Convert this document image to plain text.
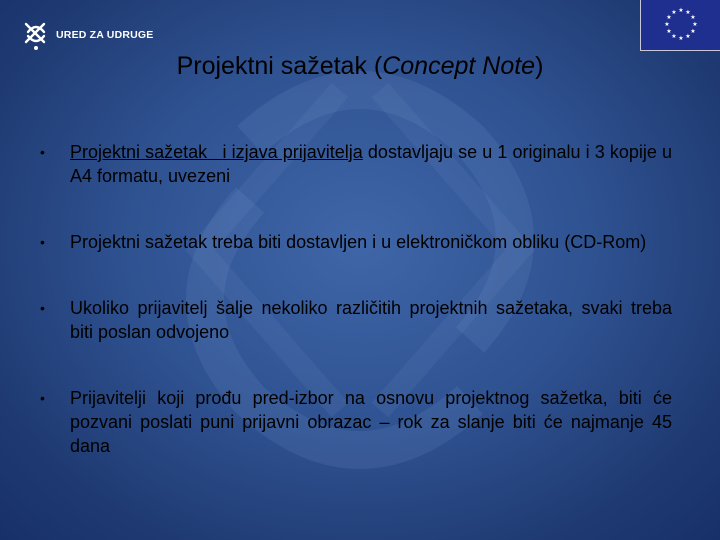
URED ZA UDRUGE
★ ★
★
★
★
★
★
★
★
★
★
★
Projektni sažetak (Concept Note)
• Projektni sažetak i izjava prijavitelja dostavljaju se u 1 originalu i 3 kopije u A4 formatu, uvezeni
• Projektni sažetak treba biti dostavljen i u elektroničkom obliku (CD-Rom)
• Ukoliko prijavitelj šalje nekoliko različitih projektnih sažetaka, svaki treba biti poslan odvojeno
• Prijavitelji koji prođu pred-izbor na osnovu projektnog sažetka, biti će pozvani poslati puni prijavni obrazac – rok za slanje biti će najmanje 45 dana
